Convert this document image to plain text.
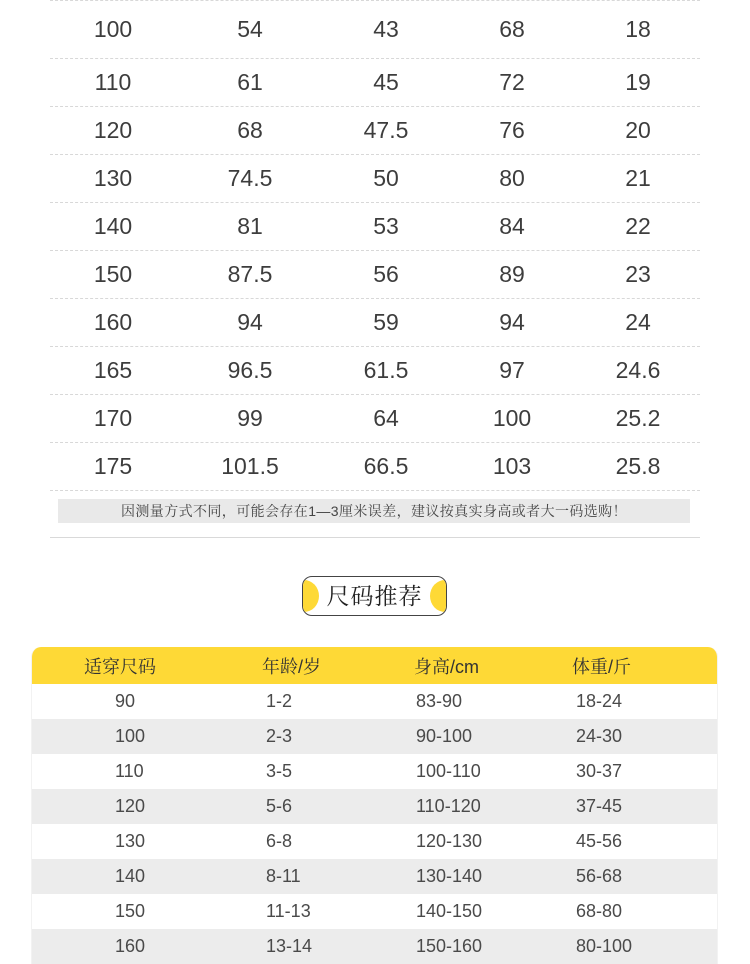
100	54	43	68	18
110	61	45	72	19
120	68	47.5	76	20
130	74.5	50	80	21
140	81	53	84	22
150	87.5	56	89	23
160	94	59	94	24
165	96.5	61.5	97	24.6
170	99	64	100	25.2
175	101.5	66.5	103	25.8
因测量方式不同，可能会存在1—3厘米误差，建议按真实身高或者大一码选购！
尺码推荐
适穿尺码	年龄/岁	身高/cm	体重/斤
90	1-2	83-90	18-24
100	2-3	90-100	24-30
110	3-5	100-110	30-37
120	5-6	110-120	37-45
130	6-8	120-130	45-56
140	8-11	130-140	56-68
150	11-13	140-150	68-80
160	13-14	150-160	80-100
